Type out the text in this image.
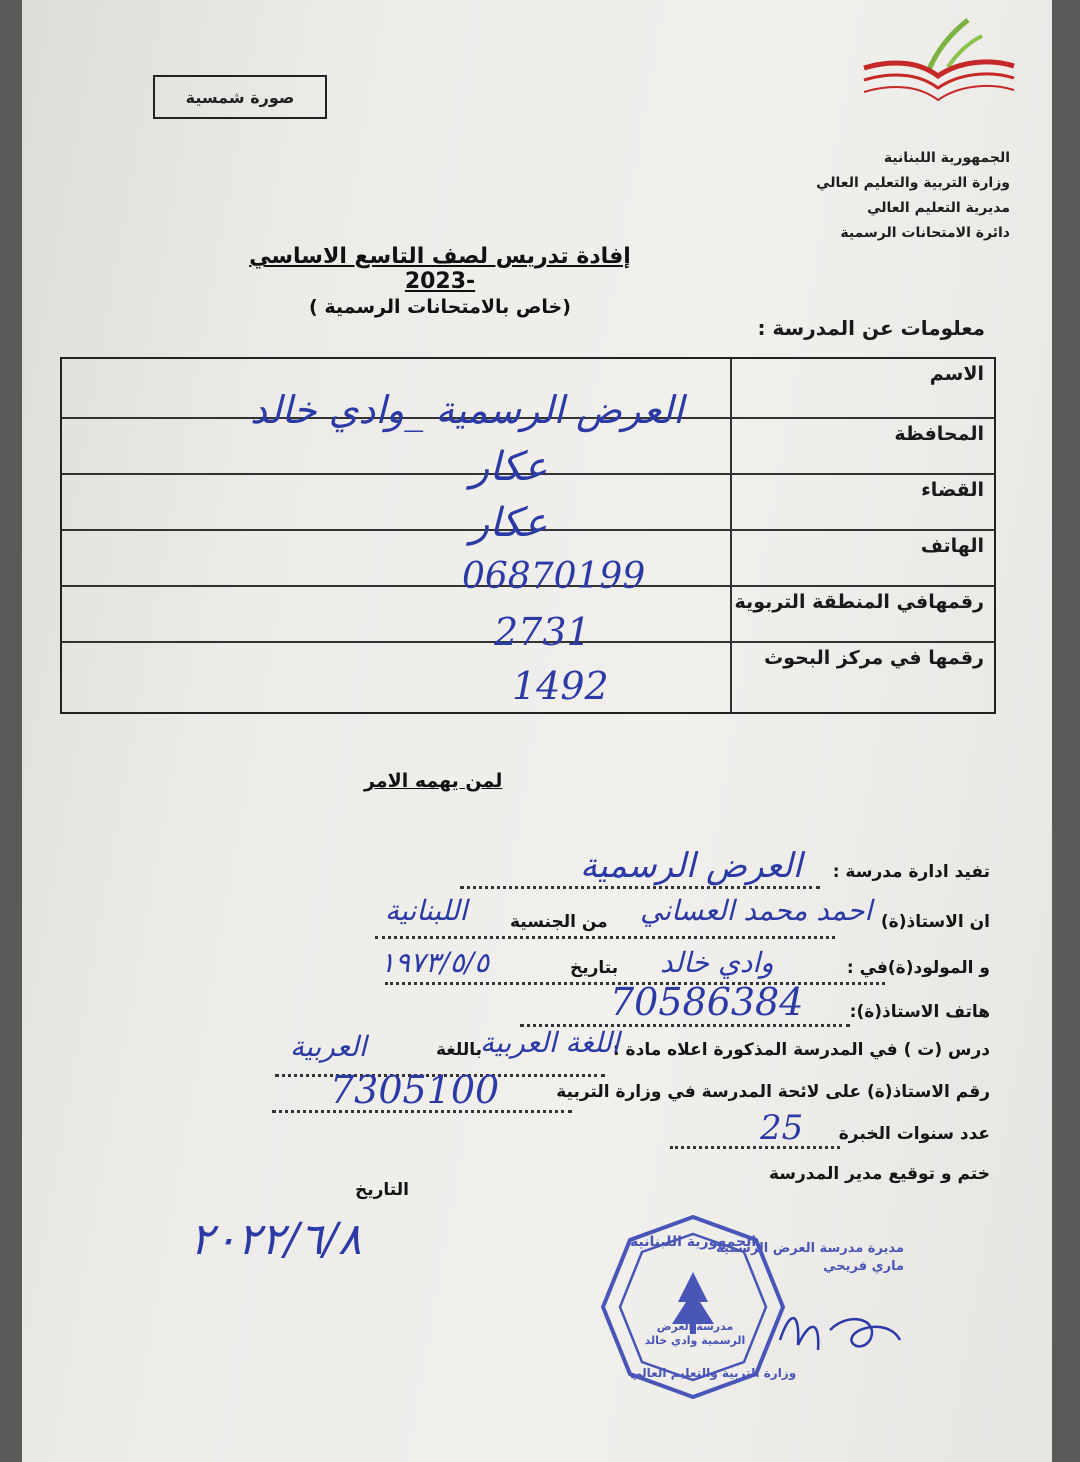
صورة شمسية
الجمهورية اللبنانية
وزارة التربية والتعليم العالي
مديرية التعليم العالي
دائرة الامتحانات الرسمية
إفادة تدريس لصف التاسع الاساسي -2023
(خاص بالامتحانات الرسمية )
معلومات عن المدرسة :
الاسم
المحافظة
القضاء
الهاتف
رقمهافي المنطقة التربوية
رقمها في مركز البحوث
العرض الرسمية _وادي خالد
عكار
عكار
06870199
2731
1492
لمن يهمه الامر
تفيد ادارة مدرسة :
العرض الرسمية
ان الاستاذ(ة)
من الجنسية احمد محمد العساني
اللبنانية
و المولود(ة)في :
بتاريخ وادي خالد
١٩٧٣/٥/٥
هاتف الاستاذ(ة):
70586384
درس (ت ) في المدرسة المذكورة اعلاه مادة :
باللغة
اللغة العربية
العربية
رقم الاستاذ(ة) على لائحة المدرسة في وزارة التربية
7305100
عدد سنوات الخبرة
25
ختم و توقيع مدير المدرسة
التاريخ
٢٠٢٢/٦/٨	الجمهورية اللبنانية
وزارة التربية والتعليم العالي
مدرسة العرض الرسمية وادي خالد
مديرة مدرسة العرض الرسمية
ماري فريحي
